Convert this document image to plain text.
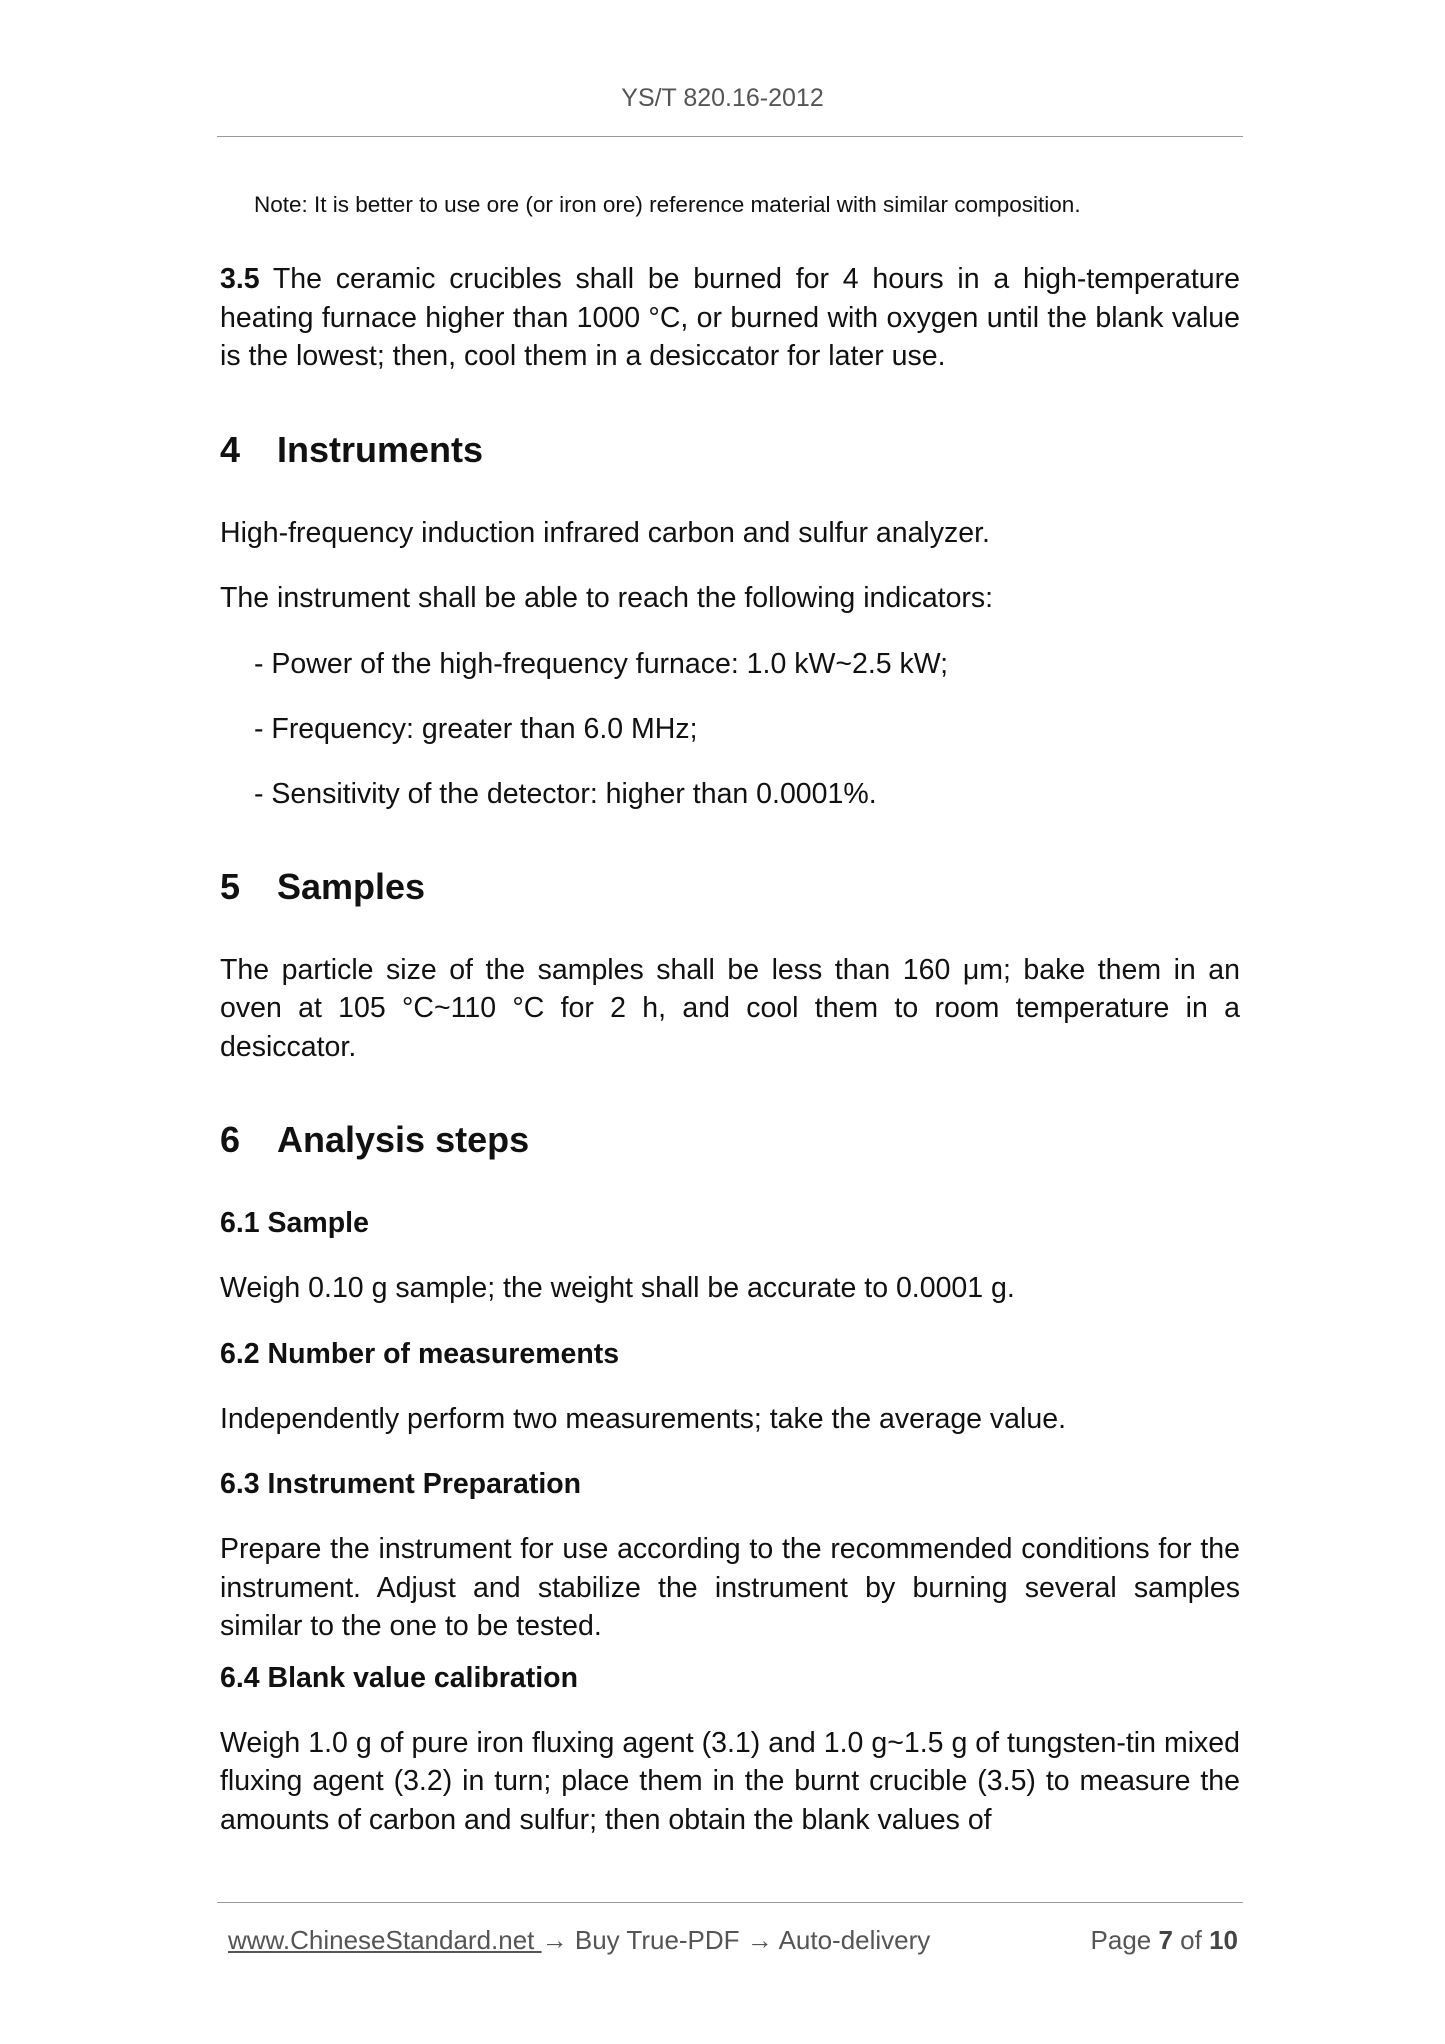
YS/T 820.16-2012

Note: It is better to use ore (or iron ore) reference material with similar composition.

3.5 The ceramic crucibles shall be burned for 4 hours in a high-temperature heating furnace higher than 1000 °C, or burned with oxygen until the blank value is the lowest; then, cool them in a desiccator for later use.

4 Instruments

High-frequency induction infrared carbon and sulfur analyzer.

The instrument shall be able to reach the following indicators:

- Power of the high-frequency furnace: 1.0 kW~2.5 kW;

- Frequency: greater than 6.0 MHz;

- Sensitivity of the detector: higher than 0.0001%.

5 Samples

The particle size of the samples shall be less than 160 μm; bake them in an oven at 105 °C~110 °C for 2 h, and cool them to room temperature in a desiccator.

6 Analysis steps
6.1 Sample

Weigh 0.10 g sample; the weight shall be accurate to 0.0001 g.

6.2 Number of measurements

Independently perform two measurements; take the average value.

6.3 Instrument Preparation

Prepare the instrument for use according to the recommended conditions for the instrument. Adjust and stabilize the instrument by burning several samples similar to the one to be tested.

6.4 Blank value calibration

Weigh 1.0 g of pure iron fluxing agent (3.1) and 1.0 g~1.5 g of tungsten-tin mixed fluxing agent (3.2) in turn; place them in the burnt crucible (3.5) to measure the amounts of carbon and sulfur; then obtain the blank values of

www.ChineseStandard.net → Buy True-PDF → Auto-delivery	Page 7 of 10
